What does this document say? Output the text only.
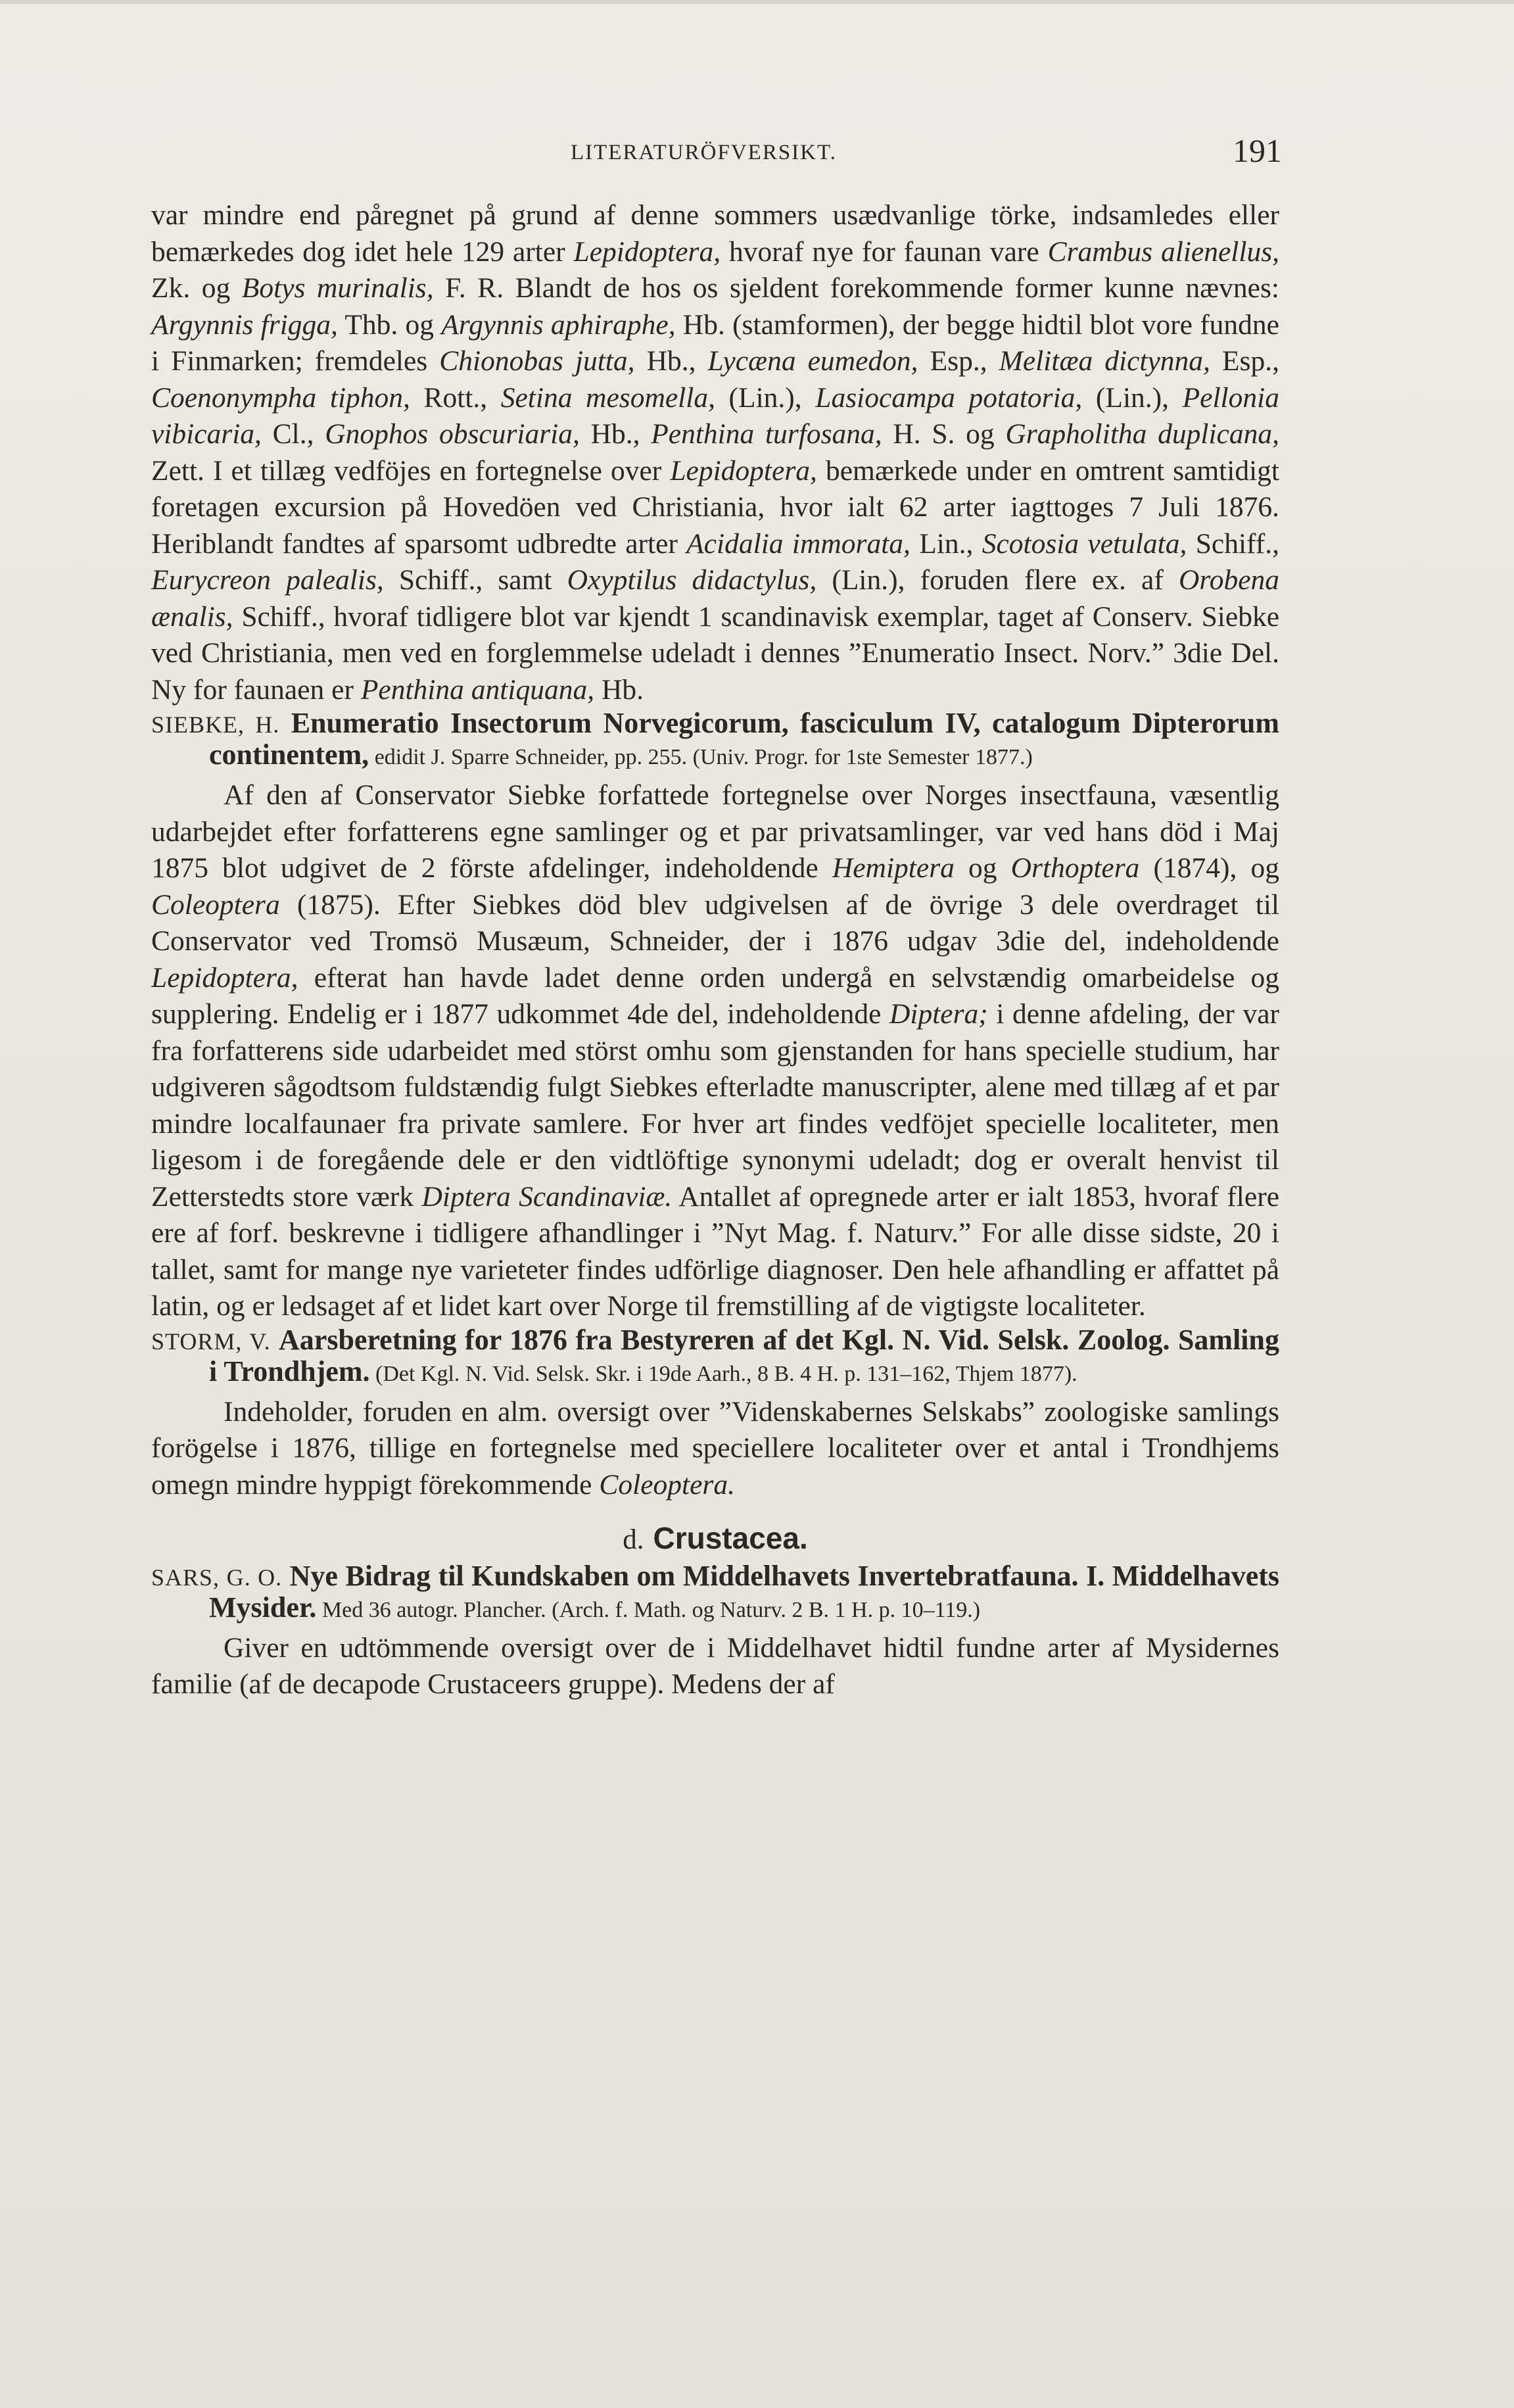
LITERATURÖFVERSIKT.	191

var mindre end påregnet på grund af denne sommers usædvanlige törke, indsamledes eller bemærkedes dog idet hele 129 arter Lepidoptera, hvoraf nye for faunan vare Crambus alienellus, Zk. og Botys murinalis, F. R. Blandt de hos os sjeldent forekommende former kunne nævnes: Argynnis frigga, Thb. og Argynnis aphiraphe, Hb. (stamformen), der begge hidtil blot vore fundne i Finmarken; fremdeles Chionobas jutta, Hb., Lycæna eumedon, Esp., Melitæa dictynna, Esp., Coenonympha tiphon, Rott., Setina mesomella, (Lin.), Lasiocampa potatoria, (Lin.), Pellonia vibicaria, Cl., Gnophos obscuriaria, Hb., Penthina turfosana, H. S. og Grapholitha duplicana, Zett. I et tillæg vedföjes en fortegnelse over Lepidoptera, bemærkede under en omtrent samtidigt foretagen excursion på Hovedöen ved Christiania, hvor ialt 62 arter iagttoges 7 Juli 1876. Heriblandt fandtes af sparsomt udbredte arter Acidalia immorata, Lin., Scotosia vetulata, Schiff., Eurycreon palealis, Schiff., samt Oxyptilus didactylus, (Lin.), foruden flere ex. af Orobena ænalis, Schiff., hvoraf tidligere blot var kjendt 1 scandinavisk exemplar, taget af Conserv. Siebke ved Christiania, men ved en forglemmelse udeladt i dennes ”Enumeratio Insect. Norv.” 3die Del. Ny for faunaen er Penthina antiquana, Hb.

SIEBKE, H. Enumeratio Insectorum Norvegicorum, fasciculum IV, catalogum Dipterorum continentem, edidit J. Sparre Schneider, pp. 255. (Univ. Progr. for 1ste Semester 1877.)

Af den af Conservator Siebke forfattede fortegnelse over Norges insectfauna, væsentlig udarbejdet efter forfatterens egne samlinger og et par privatsamlinger, var ved hans död i Maj 1875 blot udgivet de 2 förste afdelinger, indeholdende Hemiptera og Orthoptera (1874), og Coleoptera (1875). Efter Siebkes död blev udgivelsen af de övrige 3 dele overdraget til Conservator ved Tromsö Musæum, Schneider, der i 1876 udgav 3die del, indeholdende Lepidoptera, efterat han havde ladet denne orden undergå en selvstændig omarbeidelse og supplering. Endelig er i 1877 udkommet 4de del, indeholdende Diptera; i denne afdeling, der var fra forfatterens side udarbeidet med störst omhu som gjenstanden for hans specielle studium, har udgiveren sågodtsom fuldstændig fulgt Siebkes efterladte manuscripter, alene med tillæg af et par mindre localfaunaer fra private samlere. For hver art findes vedföjet specielle localiteter, men ligesom i de foregående dele er den vidtlöftige synonymi udeladt; dog er overalt henvist til Zetterstedts store værk Diptera Scandinaviæ. Antallet af opregnede arter er ialt 1853, hvoraf flere ere af forf. beskrevne i tidligere afhandlinger i ”Nyt Mag. f. Naturv.” For alle disse sidste, 20 i tallet, samt for mange nye varieteter findes udförlige diagnoser. Den hele afhandling er affattet på latin, og er ledsaget af et lidet kart over Norge til fremstilling af de vigtigste localiteter.

STORM, V. Aarsberetning for 1876 fra Bestyreren af det Kgl. N. Vid. Selsk. Zoolog. Samling i Trondhjem. (Det Kgl. N. Vid. Selsk. Skr. i 19de Aarh., 8 B. 4 H. p. 131–162, Thjem 1877).

Indeholder, foruden en alm. oversigt over ”Videnskabernes Selskabs” zoologiske samlings forögelse i 1876, tillige en fortegnelse med speciellere localiteter over et antal i Trondhjems omegn mindre hyppigt förekommende Coleoptera.

d. Crustacea.

SARS, G. O. Nye Bidrag til Kundskaben om Middelhavets Invertebratfauna. I. Middelhavets Mysider. Med 36 autogr. Plancher. (Arch. f. Math. og Naturv. 2 B. 1 H. p. 10–119.)

Giver en udtömmende oversigt over de i Middelhavet hidtil fundne arter af Mysidernes familie (af de decapode Crustaceers gruppe). Medens der af
